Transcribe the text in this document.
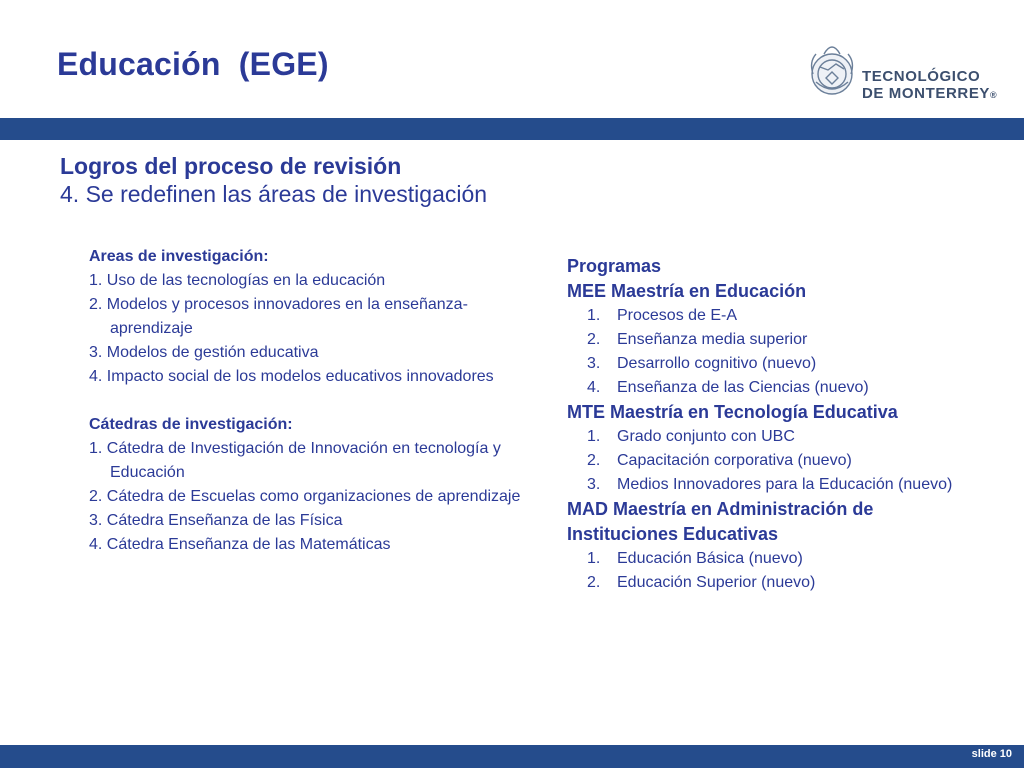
Educación  (EGE)	TECNOLÓGICO
DE MONTERREY®
Logros del proceso de revisión
4. Se redefinen las áreas de investigación
Areas de investigación:
1. Uso de las tecnologías en la educación
2. Modelos y procesos innovadores en la enseñanza-aprendizaje
3. Modelos de gestión educativa
4. Impacto social de los modelos educativos innovadores
Cátedras de investigación:
1. Cátedra de Investigación de Innovación en tecnología y Educación
2. Cátedra de Escuelas como organizaciones de aprendizaje
3. Cátedra Enseñanza de las Física
4. Cátedra Enseñanza de las Matemáticas
Programas
MEE Maestría en Educación
1. Procesos de E-A
2. Enseñanza media superior
3. Desarrollo cognitivo (nuevo)
4. Enseñanza de las Ciencias (nuevo)
MTE Maestría en Tecnología Educativa
1. Grado conjunto con UBC
2. Capacitación corporativa (nuevo)
3. Medios Innovadores para la Educación (nuevo)
MAD Maestría en Administración de Instituciones Educativas
1. Educación Básica (nuevo)
2. Educación Superior (nuevo)
slide 10
